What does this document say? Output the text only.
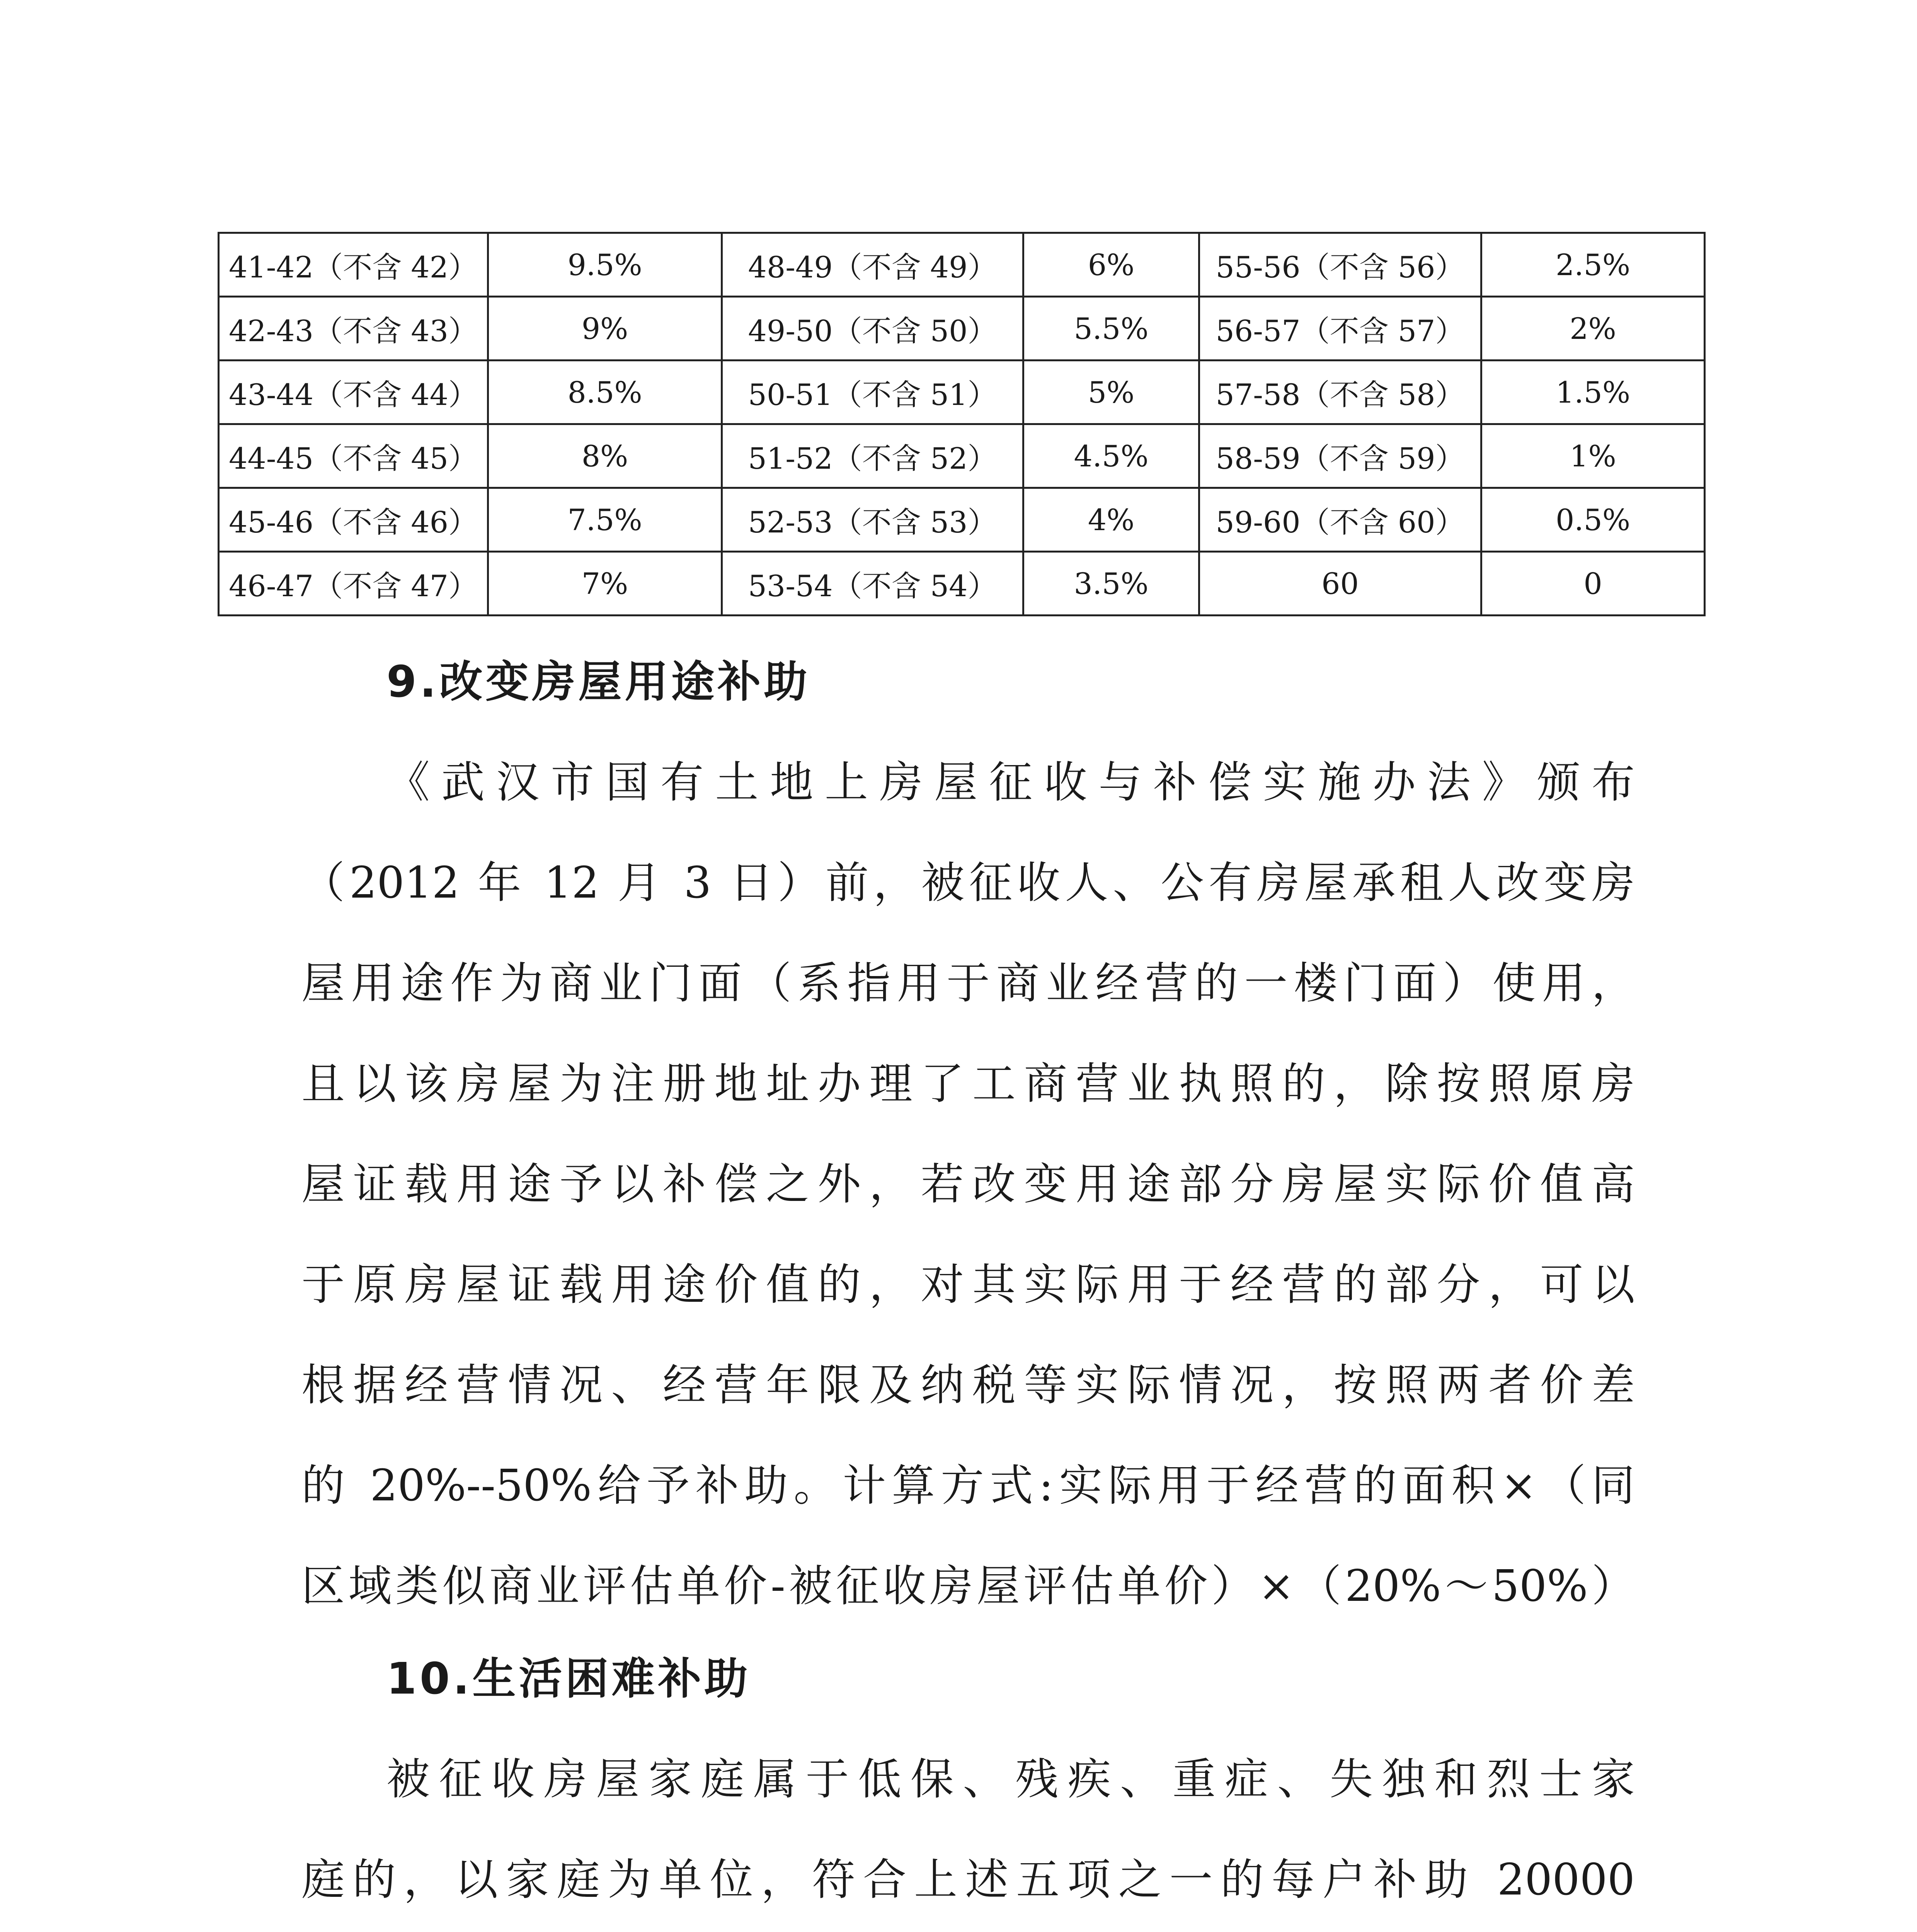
41-42（不含 42）	9.5%	48-49（不含 49）	6%	55-56（不含 56）	2.5%
42-43（不含 43）	9%	49-50（不含 50）	5.5%	56-57（不含 57）	2%
43-44（不含 44）	8.5%	50-51（不含 51）	5%	57-58（不含 58）	1.5%
44-45（不含 45）	8%	51-52（不含 52）	4.5%	58-59（不含 59）	1%
45-46（不含 46）	7.5%	52-53（不含 53）	4%	59-60（不含 60）	0.5%
46-47（不含 47）	7%	53-54（不含 54）	3.5%	60	0
9.改变房屋用途补助
《武汉市国有土地上房屋征收与补偿实施办法》颁布
（2012 年 12 月 3 日）前，被征收人、公有房屋承租人改变房
屋用途作为商业门面（系指用于商业经营的一楼门面）使用，
且以该房屋为注册地址办理了工商营业执照的，除按照原房
屋证载用途予以补偿之外，若改变用途部分房屋实际价值高
于原房屋证载用途价值的，对其实际用于经营的部分，可以
根据经营情况、经营年限及纳税等实际情况，按照两者价差
的 20%--50%给予补助。计算方式:实际用于经营的面积×（同
区域类似商业评估单价-被征收房屋评估单价）×（20%～50%）
10.生活困难补助
被征收房屋家庭属于低保、残疾、重症、失独和烈士家
庭的，以家庭为单位，符合上述五项之一的每户补助 20000
